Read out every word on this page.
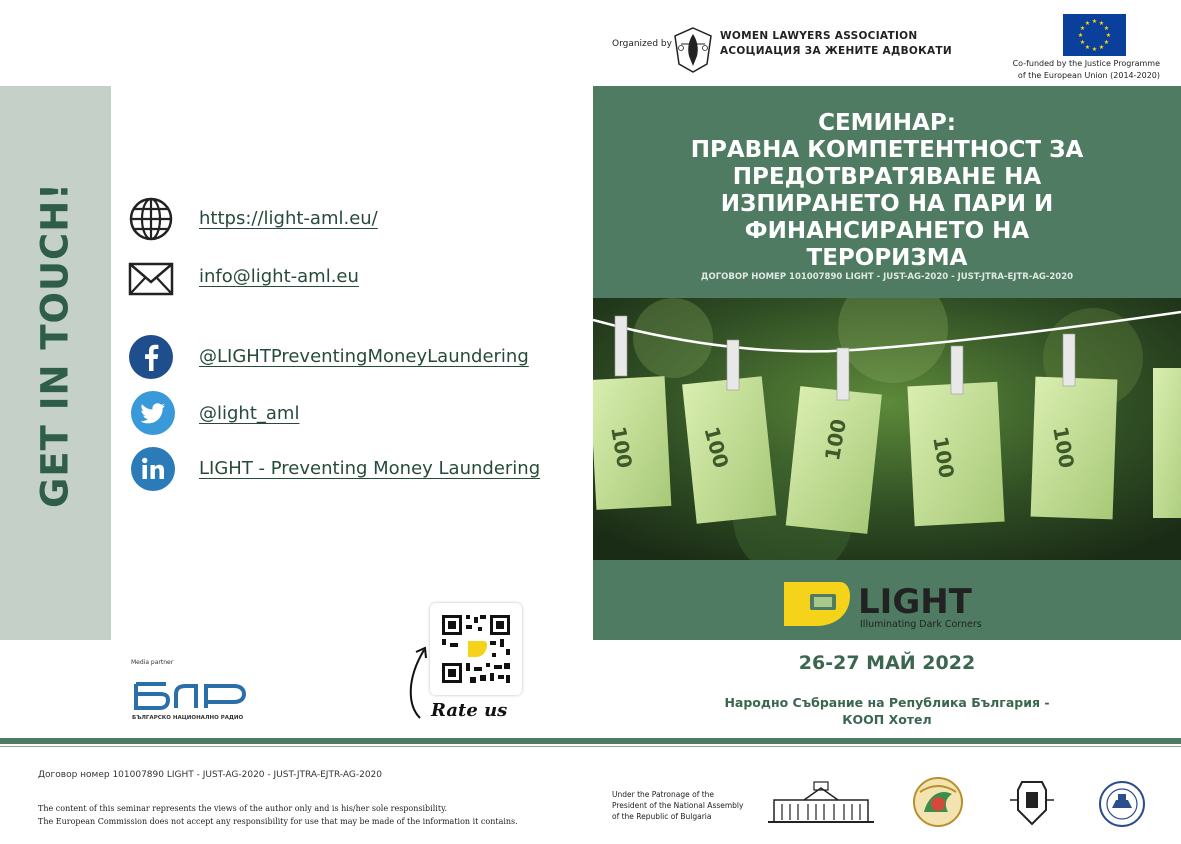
Organized by
WOMEN LAWYERS ASSOCIATION
АСОЦИАЦИЯ ЗА ЖЕНИТЕ АДВОКАТИ
★ ★
★
★
★
★
★
★
★
★
★
★
Co-funded by the Justice Programme
of the European Union (2014-2020)
GET IN TOUCH!	https://light-aml.eu/
info@light-aml.eu
@LIGHTPreventingMoneyLaundering
@light_aml
LIGHT - Preventing Money Laundering
СЕМИНАР:
ПРАВНА КОМПЕТЕНТНОСТ ЗА
ПРЕДОТВРАТЯВАНЕ НА
ИЗПИРАНЕТО НА ПАРИ И
ФИНАНСИРАНЕТО НА
ТЕРОРИЗМА
ДОГОВОР НОМЕР 101007890 LIGHT - JUST-AG-2020 - JUST-JTRA-EJTR-AG-2020
100	100	100	100	100
LIGHT
Illuminating Dark Corners
26-27 МАЙ 2022
Народно Събрание на Република България -
КООП Хотел
Media partner
БЪЛГАРСКО НАЦИОНАЛНО РАДИО	Rate us
Договор номер 101007890 LIGHT - JUST-AG-2020 - JUST-JTRA-EJTR-AG-2020
The content of this seminar represents the views of the author only and is his/her sole responsibility.
The European Commission does not accept any responsibility for use that may be made of the information it contains.
Under the Patronage of the
President of the National Assembly
of the Republic of Bulgaria
